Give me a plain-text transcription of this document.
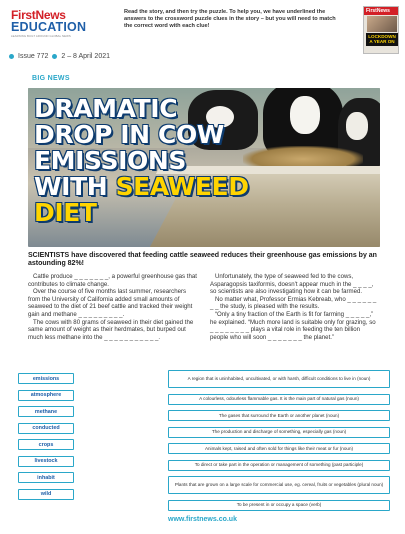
FirstNews
EDUCATION
LEARNING BUILT AROUND GLOBAL NEWS
Issue 772 2 – 8 April 2021
Read the story, and then try the puzzle. To help you, we have underlined the answers to the crossword puzzle clues in the story – but you will need to match the correct word with each clue!
FirstNews
LOCKDOWN A YEAR ON
BIG NEWS
DRAMATIC
DROP IN COW
EMISSIONS
WITH SEAWEED
DIET
SCIENTISTS have discovered that feeding cattle seaweed reduces their greenhouse gas emissions by an astounding 82%!

Cattle produce _ _ _ _ _ _ _, a powerful greenhouse gas that contributes to climate change.

Over the course of five months last summer, researchers from the University of California added small amounts of seaweed to the diet of 21 beef cattle and tracked their weight gain and methane _ _ _ _ _ _ _ _ _.

The cows with 80 grams of seaweed in their diet gained the same amount of weight as their herdmates, but burped out much less methane into the _ _ _ _ _ _ _ _ _ _ _.

Unfortunately, the type of seaweed fed to the cows, Asparagopsis taxiformis, doesn't appear much in the _ _ _ _, so scientists are also investigating how it can be farmed.

No matter what, Professor Ermias Kebreab, who _ _ _ _ _ _ _ _ the study, is pleased with the results.

“Only a tiny fraction of the Earth is fit for farming _ _ _ _ _,” he explained. “Much more land is suitable only for grazing, so _ _ _ _ _ _ _ _ plays a vital role in feeding the ten billion people who will soon _ _ _ _ _ _ _ the planet.”

emissions
atmosphere
methane
conducted
crops
livestock
inhabit
wild
A region that is uninhabited, uncultivated, or with harsh, difficult conditions to live in (noun)
A colourless, odourless flammable gas. It is the main part of natural gas (noun)
The gases that surround the Earth or another planet (noun)
The production and discharge of something, especially gas (noun)
Animals kept, raised and often sold for things like their meat or fur (noun)
To direct or take part in the operation or management of something (past participle)
Plants that are grown on a large scale for commercial use, eg. cereal, fruits or vegetables (plural noun)
To be present in or occupy a space (verb)
www.firstnews.co.uk
